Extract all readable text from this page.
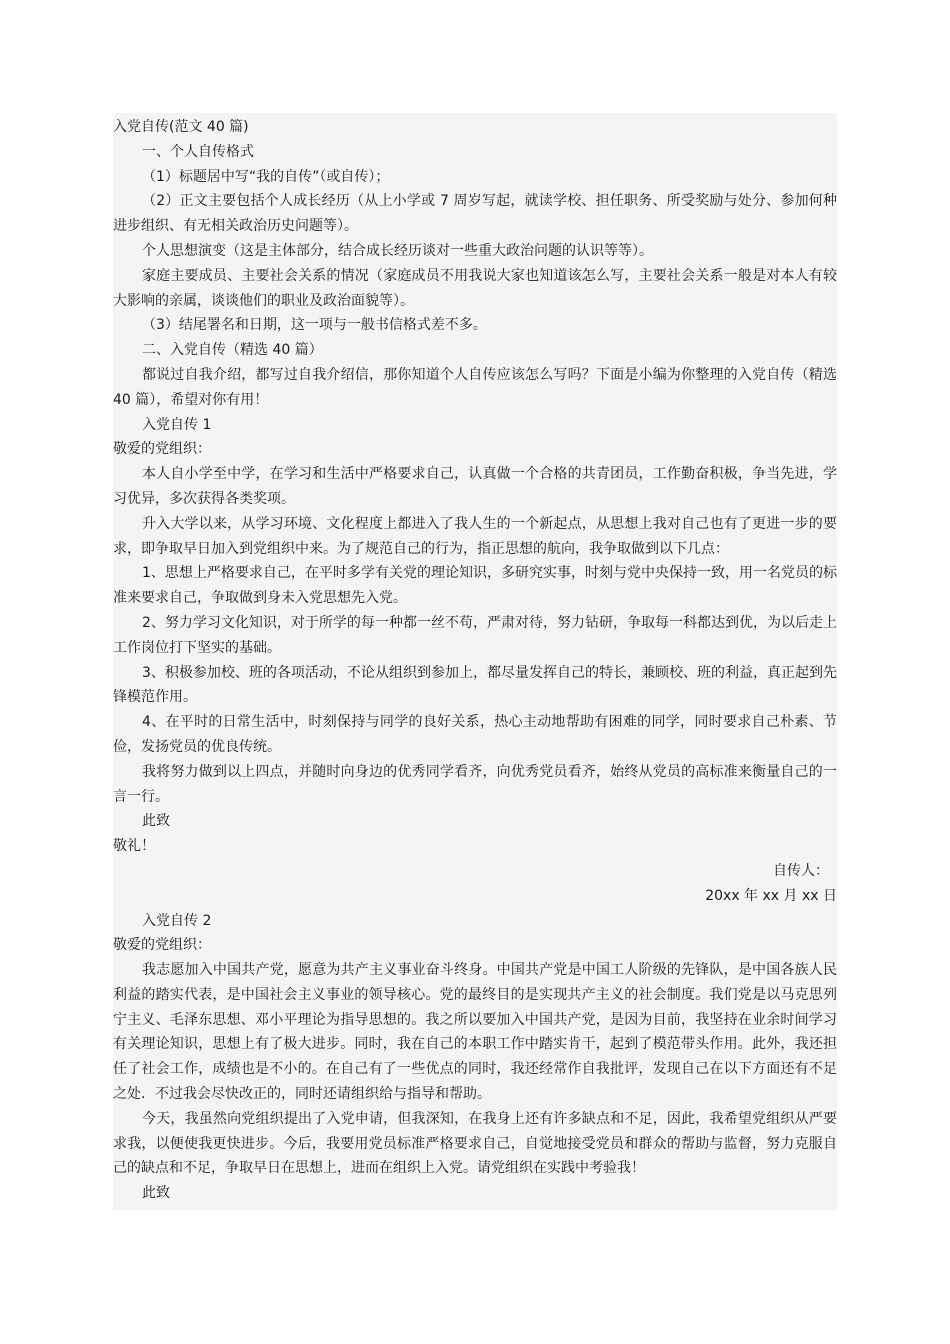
入党自传(范文 40 篇)
一、个人自传格式
（1）标题居中写“我的自传”（或自传）；
（2）正文主要包括个人成长经历（从上小学或 7 周岁写起，就读学校、担任职务、所受奖励与处分、参加何种进步组织、有无相关政治历史问题等）。
个人思想演变（这是主体部分，结合成长经历谈对一些重大政治问题的认识等等）。
家庭主要成员、主要社会关系的情况（家庭成员不用我说大家也知道该怎么写，主要社会关系一般是对本人有较大影响的亲属，谈谈他们的职业及政治面貌等）。
（3）结尾署名和日期，这一项与一般书信格式差不多。
二、入党自传（精选 40 篇）
都说过自我介绍，都写过自我介绍信，那你知道个人自传应该怎么写吗？下面是小编为你整理的入党自传（精选 40 篇），希望对你有用！
入党自传 1
敬爱的党组织：
本人自小学至中学，在学习和生活中严格要求自己，认真做一个合格的共青团员，工作勤奋积极，争当先进，学习优异，多次获得各类奖项。
升入大学以来，从学习环境、文化程度上都进入了我人生的一个新起点，从思想上我对自己也有了更进一步的要求，即争取早日加入到党组织中来。为了规范自己的行为，指正思想的航向，我争取做到以下几点：
1、思想上严格要求自己，在平时多学有关党的理论知识，多研究实事，时刻与党中央保持一致，用一名党员的标准来要求自己，争取做到身未入党思想先入党。
2、努力学习文化知识，对于所学的每一种都一丝不苟，严肃对待，努力钻研，争取每一科都达到优，为以后走上工作岗位打下坚实的基础。
3、积极参加校、班的各项活动，不论从组织到参加上，都尽量发挥自己的特长，兼顾校、班的利益，真正起到先锋模范作用。
4、在平时的日常生活中，时刻保持与同学的良好关系，热心主动地帮助有困难的同学，同时要求自己朴素、节俭，发扬党员的优良传统。
我将努力做到以上四点，并随时向身边的优秀同学看齐，向优秀党员看齐，始终从党员的高标准来衡量自己的一言一行。
此致
敬礼！
自传人：
20xx 年 xx 月 xx 日
入党自传 2
敬爱的党组织：
我志愿加入中国共产党，愿意为共产主义事业奋斗终身。中国共产党是中国工人阶级的先锋队，是中国各族人民利益的踏实代表，是中国社会主义事业的领导核心。党的最终目的是实现共产主义的社会制度。我们党是以马克思列宁主义、毛泽东思想、邓小平理论为指导思想的。我之所以要加入中国共产党，是因为目前，我坚持在业余时间学习有关理论知识，思想上有了极大进步。同时，我在自己的本职工作中踏实肯干，起到了模范带头作用。此外，我还担任了社会工作，成绩也是不小的。在自己有了一些优点的同时，我还经常作自我批评，发现自己在以下方面还有不足之处．不过我会尽快改正的，同时还请组织给与指导和帮助。
今天，我虽然向党组织提出了入党申请，但我深知，在我身上还有许多缺点和不足，因此，我希望党组织从严要求我，以便使我更快进步。今后，我要用党员标准严格要求自己，自觉地接受党员和群众的帮助与监督，努力克服自己的缺点和不足，争取早日在思想上，进而在组织上入党。请党组织在实践中考验我！
此致
